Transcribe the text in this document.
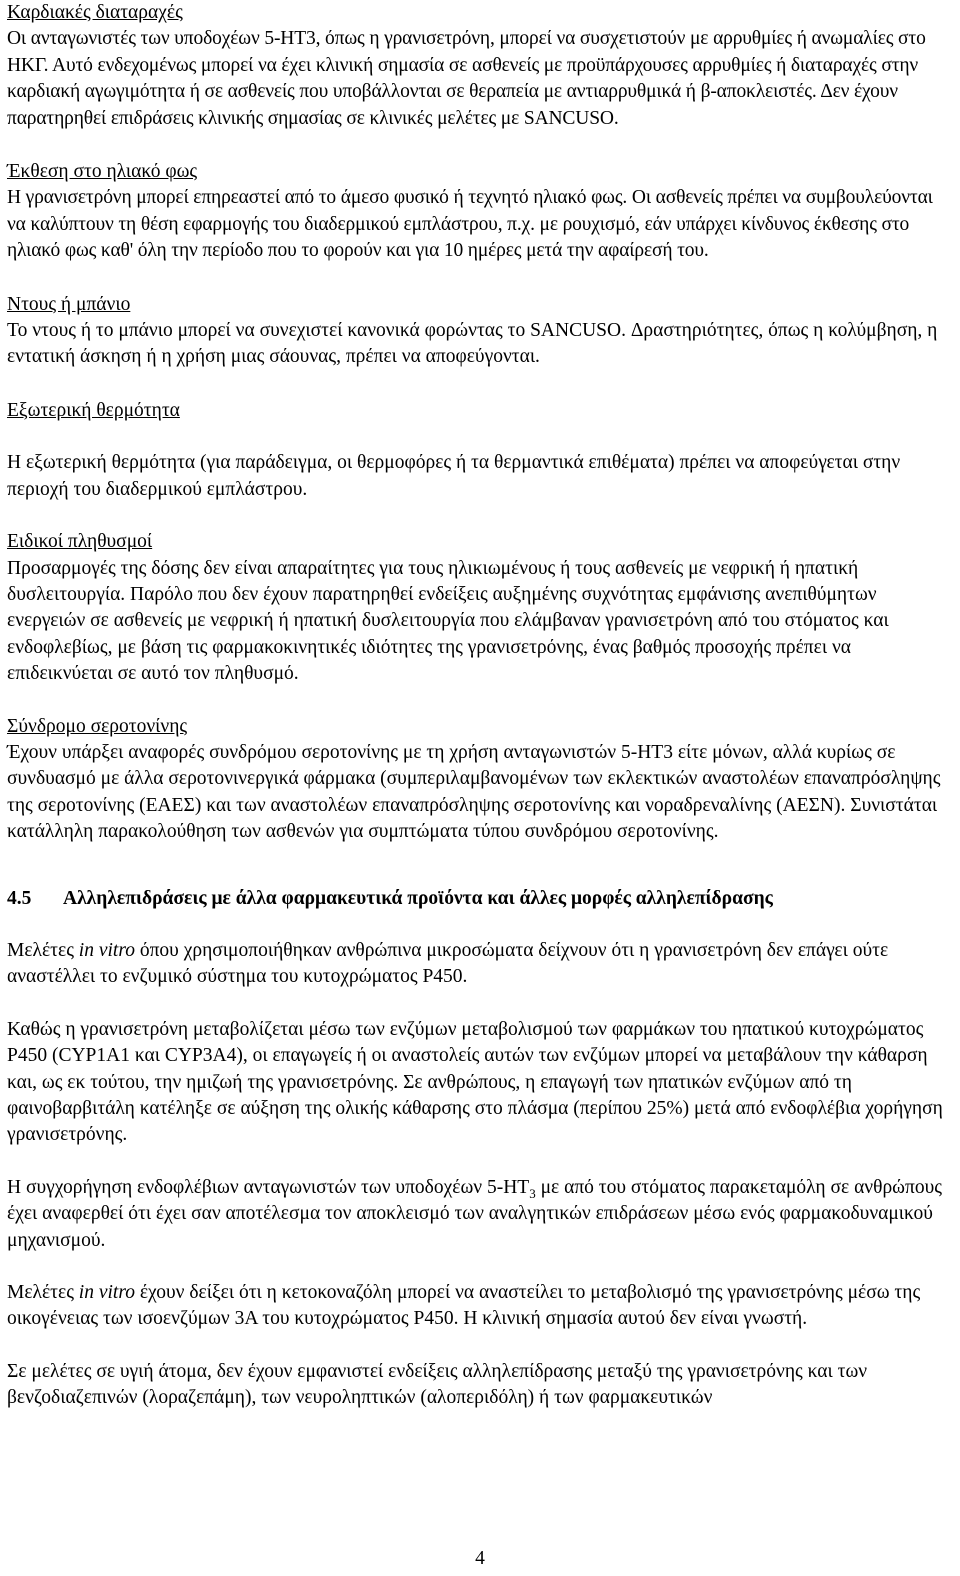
Καρδιακές διαταραχές

Οι ανταγωνιστές των υποδοχέων 5-HT3, όπως η γρανισετρόνη, μπορεί να συσχετιστούν με αρρυθμίες ή ανωμαλίες στο ΗΚΓ. Αυτό ενδεχομένως μπορεί να έχει κλινική σημασία σε ασθενείς με προϋπάρχουσες αρρυθμίες ή διαταραχές στην καρδιακή αγωγιμότητα ή σε ασθενείς που υποβάλλονται σε θεραπεία με αντιαρρυθμικά ή β-αποκλειστές. Δεν έχουν παρατηρηθεί επιδράσεις κλινικής σημασίας σε κλινικές μελέτες με SANCUSO.

Έκθεση στο ηλιακό φως

Η γρανισετρόνη μπορεί επηρεαστεί από το άμεσο φυσικό ή τεχνητό ηλιακό φως. Οι ασθενείς πρέπει να συμβουλεύονται να καλύπτουν τη θέση εφαρμογής του διαδερμικού εμπλάστρου, π.χ. με ρουχισμό, εάν υπάρχει κίνδυνος έκθεσης στο ηλιακό φως καθ' όλη την περίοδο που το φορούν και για 10 ημέρες μετά την αφαίρεσή του.

Ντους ή μπάνιο

Το ντους ή το μπάνιο μπορεί να συνεχιστεί κανονικά φορώντας το SANCUSO. Δραστηριότητες, όπως η κολύμβηση, η εντατική άσκηση ή η χρήση μιας σάουνας, πρέπει να αποφεύγονται.

Εξωτερική θερμότητα

Η εξωτερική θερμότητα (για παράδειγμα, οι θερμοφόρες ή τα θερμαντικά επιθέματα) πρέπει να αποφεύγεται στην περιοχή του διαδερμικού εμπλάστρου.

Ειδικοί πληθυσμοί

Προσαρμογές της δόσης δεν είναι απαραίτητες για τους ηλικιωμένους ή τους ασθενείς με νεφρική ή ηπατική δυσλειτουργία. Παρόλο που δεν έχουν παρατηρηθεί ενδείξεις αυξημένης συχνότητας εμφάνισης ανεπιθύμητων ενεργειών σε ασθενείς με νεφρική ή ηπατική δυσλειτουργία που ελάμβαναν γρανισετρόνη από του στόματος και ενδοφλεβίως, με βάση τις φαρμακοκινητικές ιδιότητες της γρανισετρόνης, ένας βαθμός προσοχής πρέπει να επιδεικνύεται σε αυτό τον πληθυσμό.

Σύνδρομο σεροτονίνης

Έχουν υπάρξει αναφορές συνδρόμου σεροτονίνης με τη χρήση ανταγωνιστών 5-HT3 είτε μόνων, αλλά κυρίως σε συνδυασμό με άλλα σεροτονινεργικά φάρμακα (συμπεριλαμβανομένων των εκλεκτικών αναστολέων επαναπρόσληψης της σεροτονίνης (ΕΑΕΣ) και των αναστολέων επαναπρόσληψης σεροτονίνης και νοραδρεναλίνης (ΑΕΣΝ). Συνιστάται κατάλληλη παρακολούθηση των ασθενών για συμπτώματα τύπου συνδρόμου σεροτονίνης.

4.5	Αλληλεπιδράσεις με άλλα φαρμακευτικά προϊόντα και άλλες μορφές αλληλεπίδρασης

Μελέτες in vitro όπου χρησιμοποιήθηκαν ανθρώπινα μικροσώματα δείχνουν ότι η γρανισετρόνη δεν επάγει ούτε αναστέλλει το ενζυμικό σύστημα του κυτοχρώματος P450.

Καθώς η γρανισετρόνη μεταβολίζεται μέσω των ενζύμων μεταβολισμού των φαρμάκων του ηπατικού κυτοχρώματος P450 (CYP1A1 και CYP3A4), οι επαγωγείς ή οι αναστολείς αυτών των ενζύμων μπορεί να μεταβάλουν την κάθαρση και, ως εκ τούτου, την ημιζωή της γρανισετρόνης. Σε ανθρώπους, η επαγωγή των ηπατικών ενζύμων από τη φαινοβαρβιτάλη κατέληξε σε αύξηση της ολικής κάθαρσης στο πλάσμα (περίπου 25%) μετά από ενδοφλέβια χορήγηση γρανισετρόνης.

Η συγχορήγηση ενδοφλέβιων ανταγωνιστών των υποδοχέων $5-HT_3$ με από του στόματος παρακεταμόλη σε ανθρώπους έχει αναφερθεί ότι έχει σαν αποτέλεσμα τον αποκλεισμό των αναλγητικών επιδράσεων μέσω ενός φαρμακοδυναμικού μηχανισμού.

Μελέτες in vitro έχουν δείξει ότι η κετοκοναζόλη μπορεί να αναστείλει το μεταβολισμό της γρανισετρόνης μέσω της οικογένειας των ισοενζύμων 3Α του κυτοχρώματος P450. Η κλινική σημασία αυτού δεν είναι γνωστή.

Σε μελέτες σε υγιή άτομα, δεν έχουν εμφανιστεί ενδείξεις αλληλεπίδρασης μεταξύ της γρανισετρόνης και των βενζοδιαζεπινών (λοραζεπάμη), των νευροληπτικών (αλοπεριδόλη) ή των φαρμακευτικών

4
